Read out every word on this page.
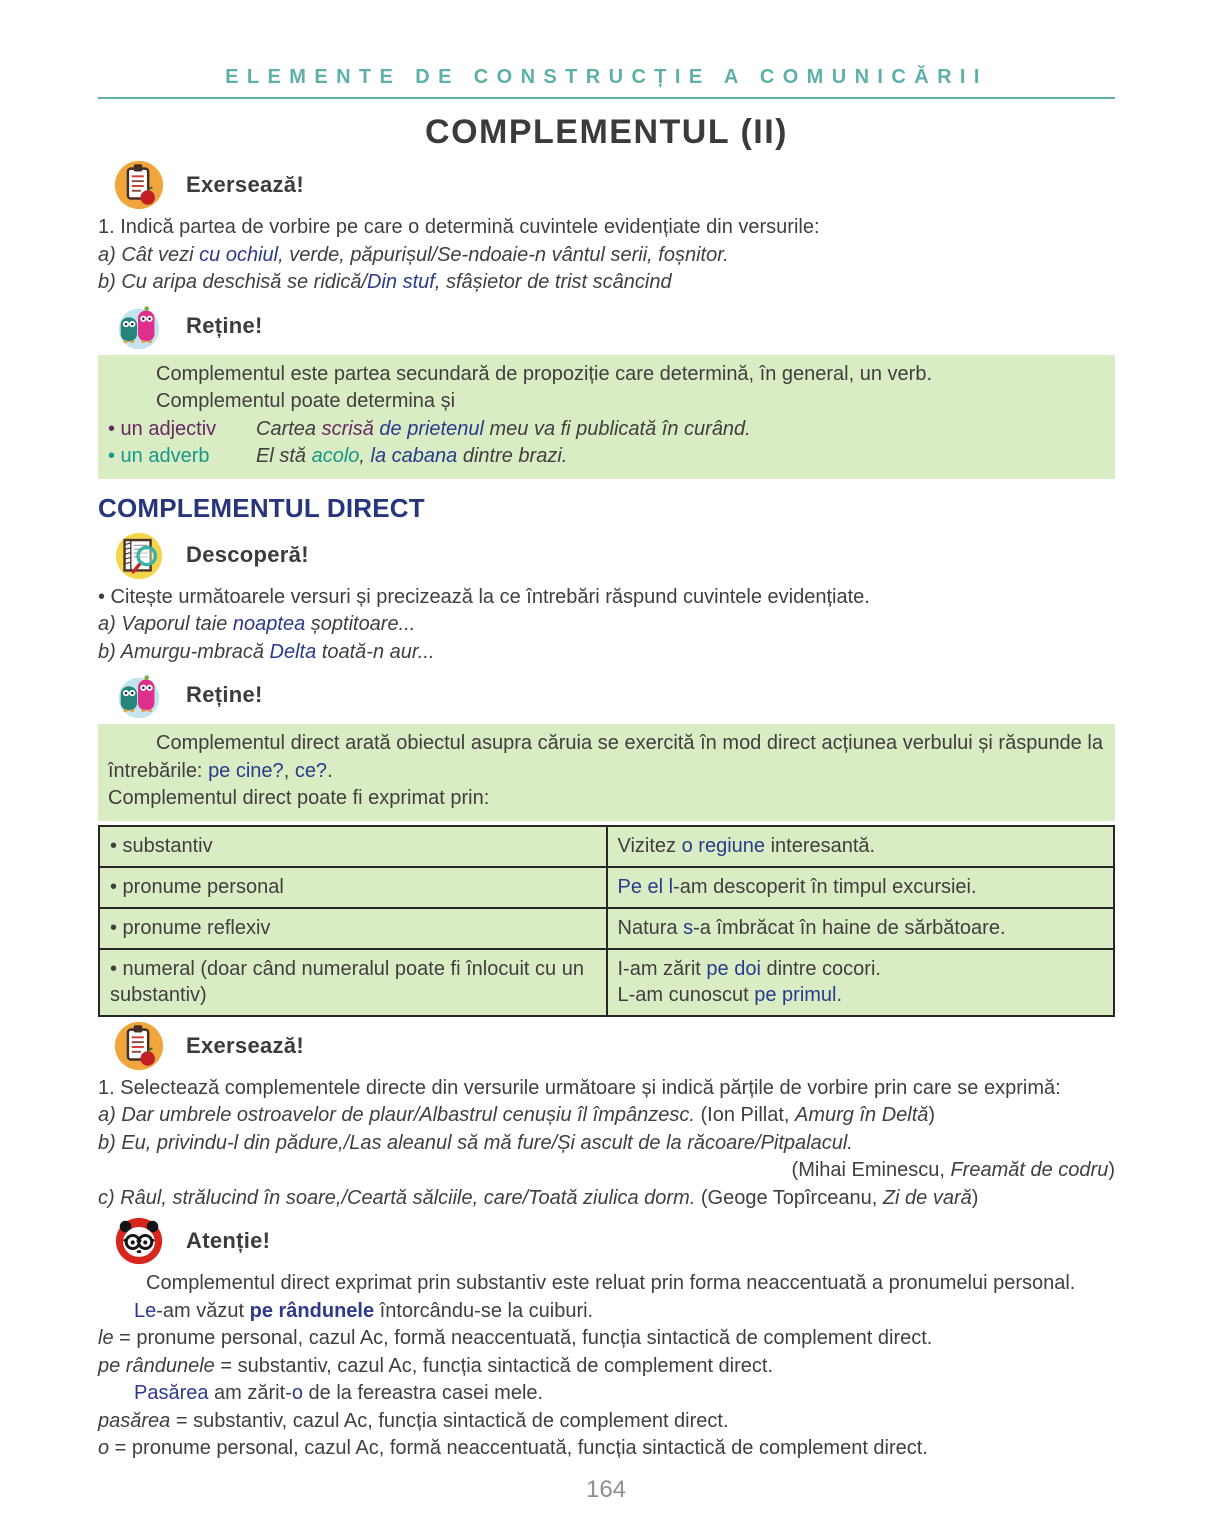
ELEMENTE DE CONSTRUCȚIE A COMUNICĂRII
COMPLEMENTUL (II)
Exersează!
1. Indică partea de vorbire pe care o determină cuvintele evidențiate din versurile:
a) Cât vezi cu ochiul, verde, păpurișul/Se-ndoaie-n vântul serii, foșnitor.
b) Cu aripa deschisă se ridică/Din stuf, sfâșietor de trist scâncind
Reține!
Complementul este partea secundară de propoziție care determină, în general, un verb.
Complementul poate determina și
• un adjectiv	Cartea scrisă de prietenul meu va fi publicată în curând.
• un adverb	El stă acolo, la cabana dintre brazi.
COMPLEMENTUL DIRECT
Descoperă!
• Citește următoarele versuri și precizează la ce întrebări răspund cuvintele evidențiate.
a) Vaporul taie noaptea șoptitoare...
b) Amurgu-mbracă Delta toată-n aur...
Reține!
Complementul direct arată obiectul asupra căruia se exercită în mod direct acțiunea verbului și răspunde la întrebările: pe cine?, ce?.
Complementul direct poate fi exprimat prin:
• substantiv	Vizitez o regiune interesantă.
• pronume personal	Pe el l-am descoperit în timpul excursiei.
• pronume reflexiv	Natura s-a îmbrăcat în haine de sărbătoare.
• numeral (doar când numeralul poate fi înlocuit cu un substantiv)	I-am zărit pe doi dintre cocori.
L-am cunoscut pe primul.
Exersează!
1. Selectează complementele directe din versurile următoare și indică părțile de vorbire prin care se exprimă:
a) Dar umbrele ostroavelor de plaur/Albastrul cenușiu îl împânzesc. (Ion Pillat, Amurg în Deltă)
b) Eu, privindu-l din pădure,/Las aleanul să mă fure/Și ascult de la răcoare/Pitpalacul.
(Mihai Eminescu, Freamăt de codru)
c) Râul, strălucind în soare,/Ceartă sălciile, care/Toată ziulica dorm. (Geoge Topîrceanu, Zi de vară)
Atenție!
Complementul direct exprimat prin substantiv este reluat prin forma neaccentuată a pronumelui personal.
Le-am văzut pe rândunele întorcându-se la cuiburi.
le = pronume personal, cazul Ac, formă neaccentuată, funcția sintactică de complement direct.
pe rândunele = substantiv, cazul Ac, funcția sintactică de complement direct.
Pasărea am zărit-o de la fereastra casei mele.
pasărea = substantiv, cazul Ac, funcția sintactică de complement direct.
o = pronume personal, cazul Ac, formă neaccentuată, funcția sintactică de complement direct.
164
